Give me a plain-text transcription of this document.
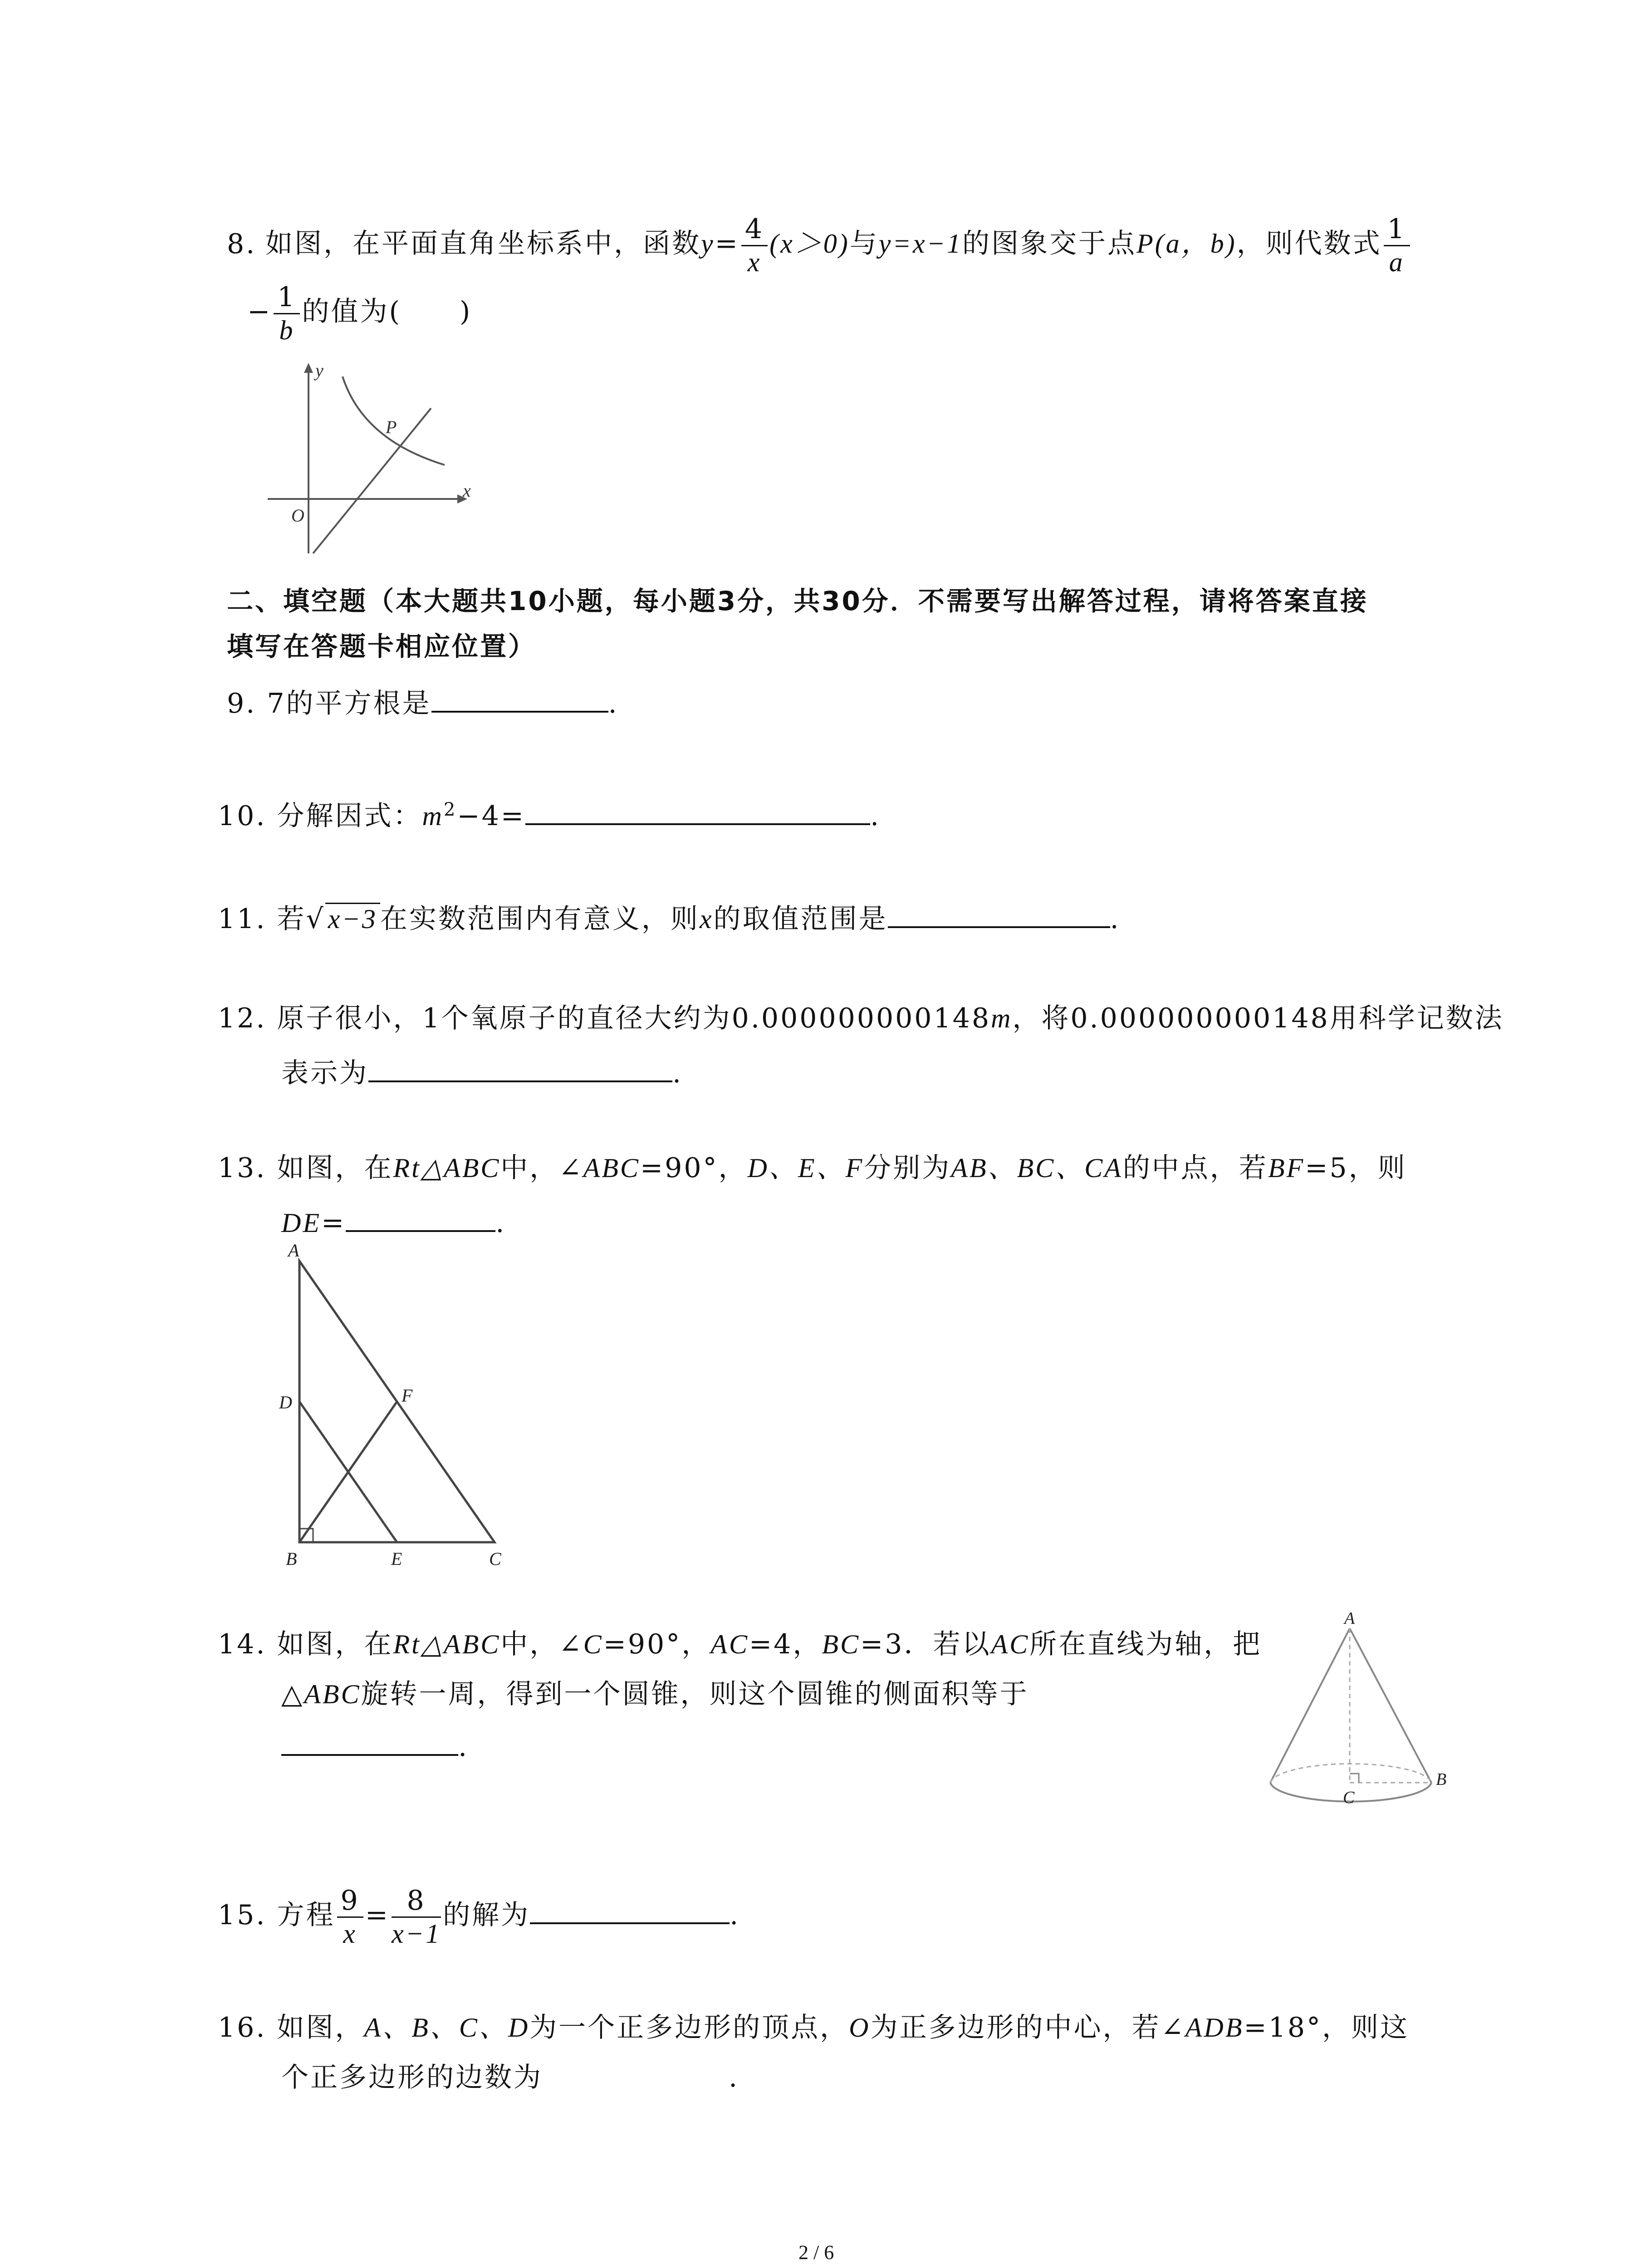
8. 如图，在平面直角坐标系中，函数$y= \frac{4}{x} (x>0)$与y=x−1的图象交于点P(a，b)，则代数式 $\frac{1}{a}$
− $\frac{1}{b}$ 的值为(　　)
y
x
O
P
二、填空题（本大题共10小题，每小题3分，共30分．不需要写出解答过程，请将答案直接
填写在答题卡相应位置）
9. 7的平方根是	.
10. 分解因式：$m^2-4=$	.
11. 若√ x−3 在实数范围内有意义，则x的取值范围是	.
12. 原子很小，1个氧原子的直径大约为0.000000000148m，将0.000000000148用科学记数法
表示为	.
13. 如图，在Rt△ABC中，∠ABC=90°，D、E、F分别为AB、BC、CA的中点，若BF=5，则
DE=	.
A
D	F
B	E	C
14. 如图，在Rt△ABC中，∠C=90°，AC=4，BC=3．若以AC所在直线为轴，把
△ABC旋转一周，得到一个圆锥，则这个圆锥的侧面积等于
.
A
C
B
15. 方程 $\frac{9}{x} = \frac{8}{x-1}$ 的解为	.
16. 如图，A、B、C、D为一个正多边形的顶点，O为正多边形的中心，若∠ADB=18°，则这
个正多边形的边数为	.
2 / 6
